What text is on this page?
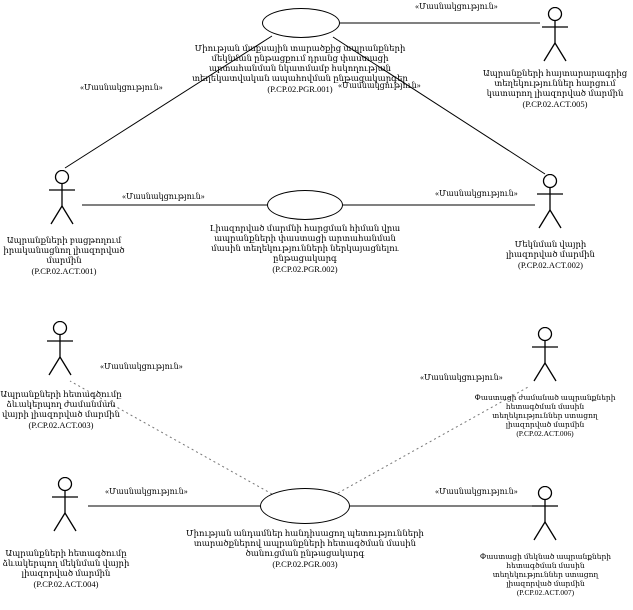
Միության մաքսային տարածքից ապրանքների մեկնման ընթացքում դրանց փաստացի արտահանման նկատմամբ հսկողության տեղեկատվական ապահովման ընթացակարգեր
(P.CP.02.PGR.001)
Լիազորված մարմնի հարցման հիման վրա ապրանքների փաստացի արտահանման մասին տեղեկությունների ներկայացնելու ընթացակարգ
(P.CP.02.PGR.002)
Միության անդամներ հանդիսացող պետությունների տարածքներով ապրանքների հետագծման մասին ծանուցման ընթացակարգ
(P.CP.02.PGR.003)
Ապրանքների հայտարարագրից տեղեկություններ հարցում կատարող լիազորված մարմին
(P.CP.02.ACT.005)
Ապրանքների բացթողում իրականացնող լիազորված մարմին
(P.CP.02.ACT.001)
Մեկնման վայրի լիազորված մարմին
(P.CP.02.ACT.002)
Ապրանքների հետագծումը ձևակերպող ժամանման վայրի լիազորված մարմին
(P.CP.02.ACT.003)
Փաստացի ժամանած ապրանքների հետագծման մասին տեղեկություններ ստացող լիազորված մարմին
(P.CP.02.ACT.006)
Ապրանքների հետագծումը ձևակերպող մեկնման վայրի լիազորված մարմին
(P.CP.02.ACT.004)
Փաստացի մեկնած ապրանքների հետագծման մասին տեղեկություններ ստացող լիազորված մարմին
(P.CP.02.ACT.007)
«Մասնակցություն»
«Մասնակցություն»	«Մասնակցություն»
«Մասնակցություն»	«Մասնակցություն»
«Մասնակցություն»
«Մասնակցություն»
«Մասնակցություն»	«Մասնակցություն»
